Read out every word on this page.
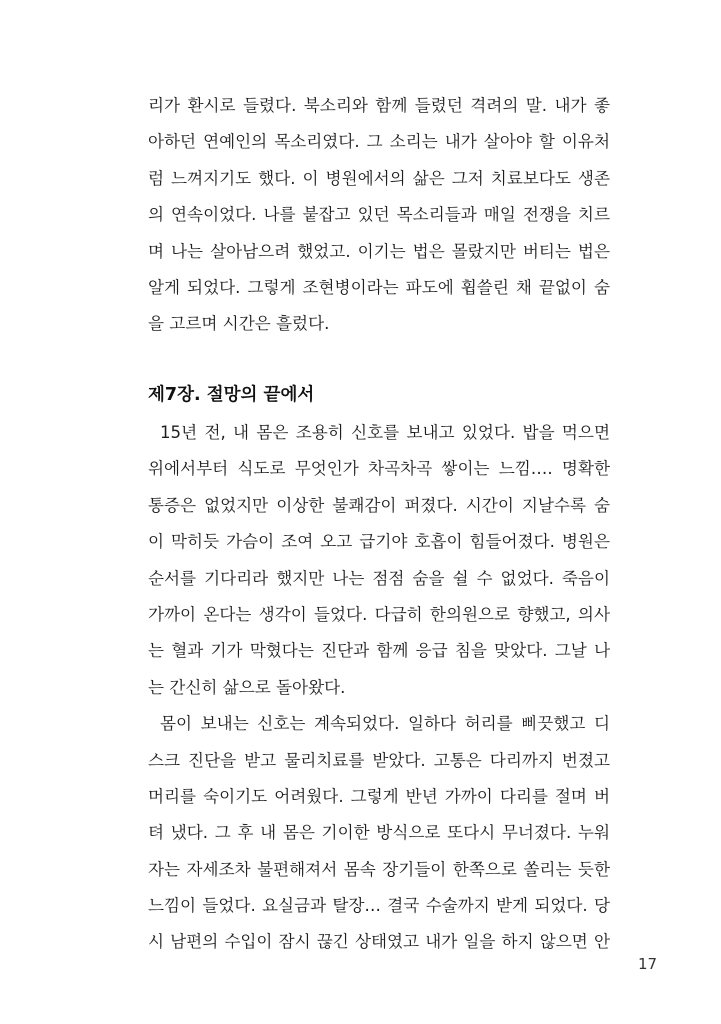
리가 환시로 들렸다. 북소리와 함께 들렸던 격려의 말. 내가 좋
아하던 연예인의 목소리였다. 그 소리는 내가 살아야 할 이유처
럼 느껴지기도 했다. 이 병원에서의 삶은 그저 치료보다도 생존
의 연속이었다. 나를 붙잡고 있던 목소리들과 매일 전쟁을 치르
며 나는 살아남으려 했었고. 이기는 법은 몰랐지만 버티는 법은
알게 되었다. 그렇게 조현병이라는 파도에 휩쓸린 채 끝없이 숨
을 고르며 시간은 흘렀다.
제7장. 절망의 끝에서
15년 전, 내 몸은 조용히 신호를 보내고 있었다. 밥을 먹으면
위에서부터 식도로 무엇인가 차곡차곡 쌓이는 느낌…. 명확한
통증은 없었지만 이상한 불쾌감이 퍼졌다. 시간이 지날수록 숨
이 막히듯 가슴이 조여 오고 급기야 호흡이 힘들어졌다. 병원은
순서를 기다리라 했지만 나는 점점 숨을 쉴 수 없었다. 죽음이
가까이 온다는 생각이 들었다. 다급히 한의원으로 향했고, 의사
는 혈과 기가 막혔다는 진단과 함께 응급 침을 맞았다. 그날 나
는 간신히 삶으로 돌아왔다.
몸이 보내는 신호는 계속되었다. 일하다 허리를 삐끗했고 디
스크 진단을 받고 물리치료를 받았다. 고통은 다리까지 번졌고
머리를 숙이기도 어려웠다. 그렇게 반년 가까이 다리를 절며 버
텨 냈다. 그 후 내 몸은 기이한 방식으로 또다시 무너졌다. 누워
자는 자세조차 불편해져서 몸속 장기들이 한쪽으로 쏠리는 듯한
느낌이 들었다. 요실금과 탈장… 결국 수술까지 받게 되었다. 당
시 남편의 수입이 잠시 끊긴 상태였고 내가 일을 하지 않으면 안
17
